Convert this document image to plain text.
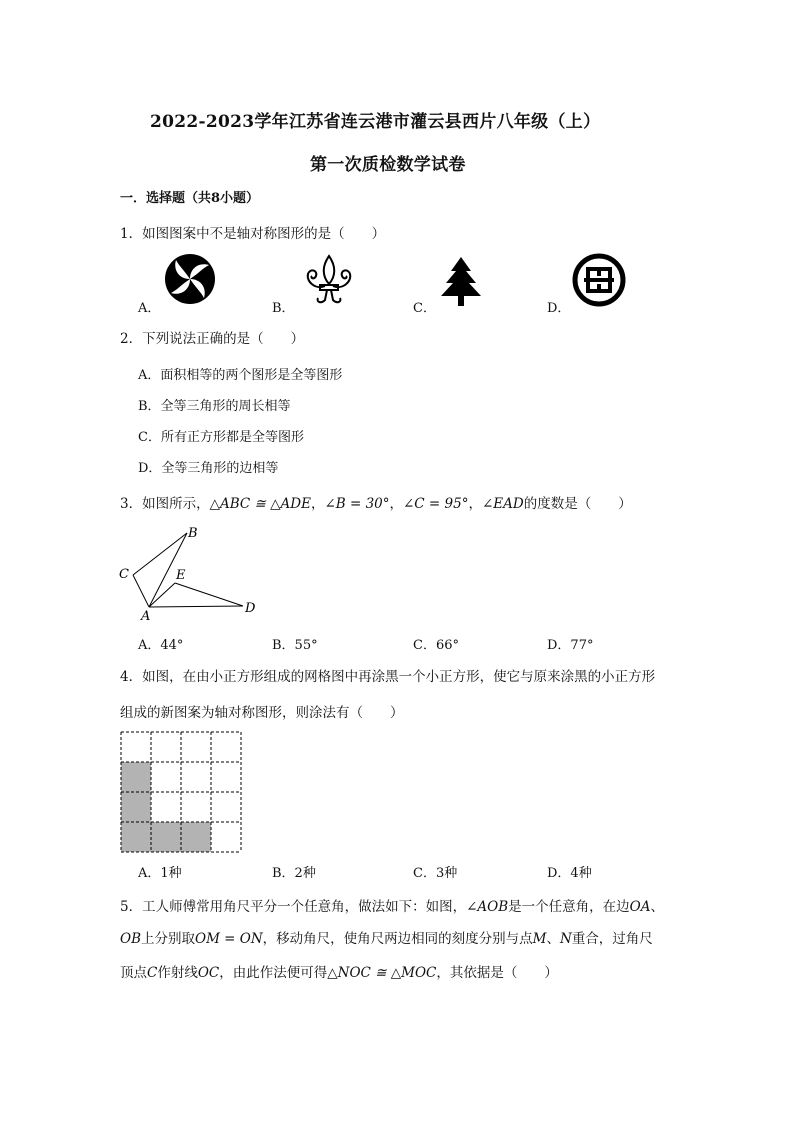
2022-2023学年江苏省连云港市灌云县西片八年级（上）
第一次质检数学试卷
一．选择题（共8小题）
1．如图图案中不是轴对称图形的是（　　）
A．	B．	C．	D．
2．下列说法正确的是（　　）
A．面积相等的两个图形是全等图形
B．全等三角形的周长相等
C．所有正方形都是全等图形
D．全等三角形的边相等
3．如图所示，△ABC ≅ △ADE，∠B = 30°，∠C = 95°，∠EAD的度数是（　　）
B
C	E
A
D
A．44°	B．55°	C．66°	D．77°
4．如图，在由小正方形组成的网格图中再涂黑一个小正方形，使它与原来涂黑的小正方形
组成的新图案为轴对称图形，则涂法有（　　）
A．1种	B．2种	C．3种	D．4种
5．工人师傅常用角尺平分一个任意角，做法如下：如图，∠AOB是一个任意角，在边OA、
OB上分别取OM = ON，移动角尺，使角尺两边相同的刻度分别与点M、N重合，过角尺
顶点C作射线OC，由此作法便可得△NOC ≅ △MOC，其依据是（　　）
